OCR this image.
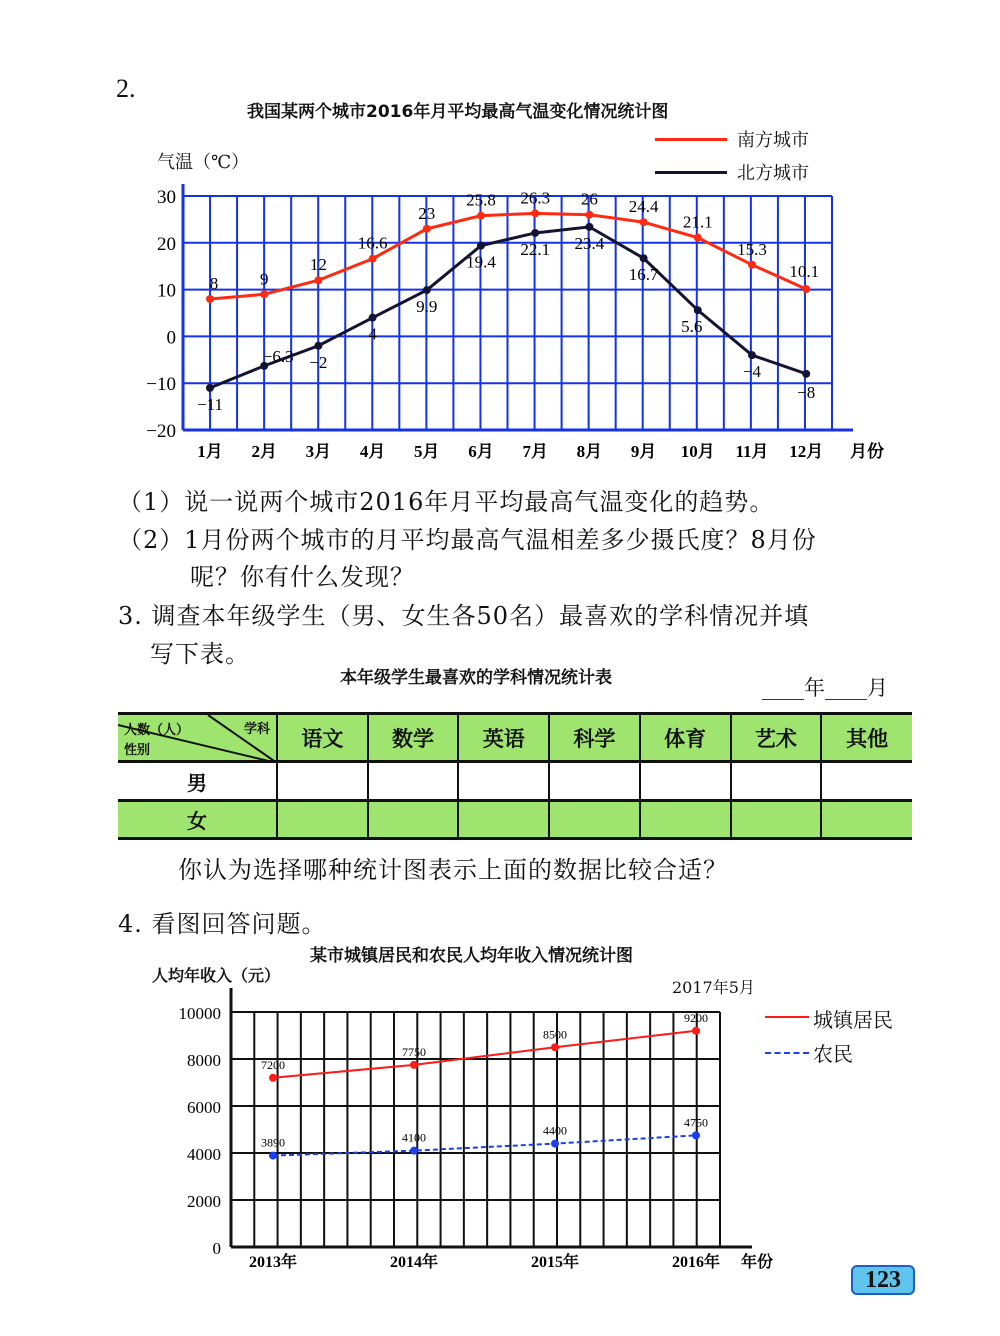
2.
我国某两个城市2016年月平均最高气温变化情况统计图
气温（℃）
南方城市
北方城市
30
20
10
0
−10
−20
1月 2月 3月 4月 5月 6月 7月 8月 9月 10月 11月 12月 月份
8 9
12
16.6
23
25.8 26.3 26 24.4
21.1
15.3
10.1
−11
−6.3 −2
4
9.9
19.4
22.1 23.4
16.7
5.6
−4
−8
（1）说一说两个城市2016年月平均最高气温变化的趋势。
（2）1月份两个城市的月平均最高气温相差多少摄氏度？8月份
呢？你有什么发现？
3. 调查本年级学生（男、女生各50名）最喜欢的学科情况并填
写下表。
本年级学生最喜欢的学科情况统计表	____年____月
人数（人） 学科
性别	语文	数学	英语	科学	体育	艺术	其他
男							
女							
你认为选择哪种统计图表示上面的数据比较合适？
4. 看图回答问题。
某市城镇居民和农民人均年收入情况统计图
人均年收入（元）
2017年5月
城镇居民
农民
10000
8000
6000
4000
2000
0
2013年	2014年	2015年	2016年 年份
7200
7750
8500
9200
3890	4100
4400
4750
123
